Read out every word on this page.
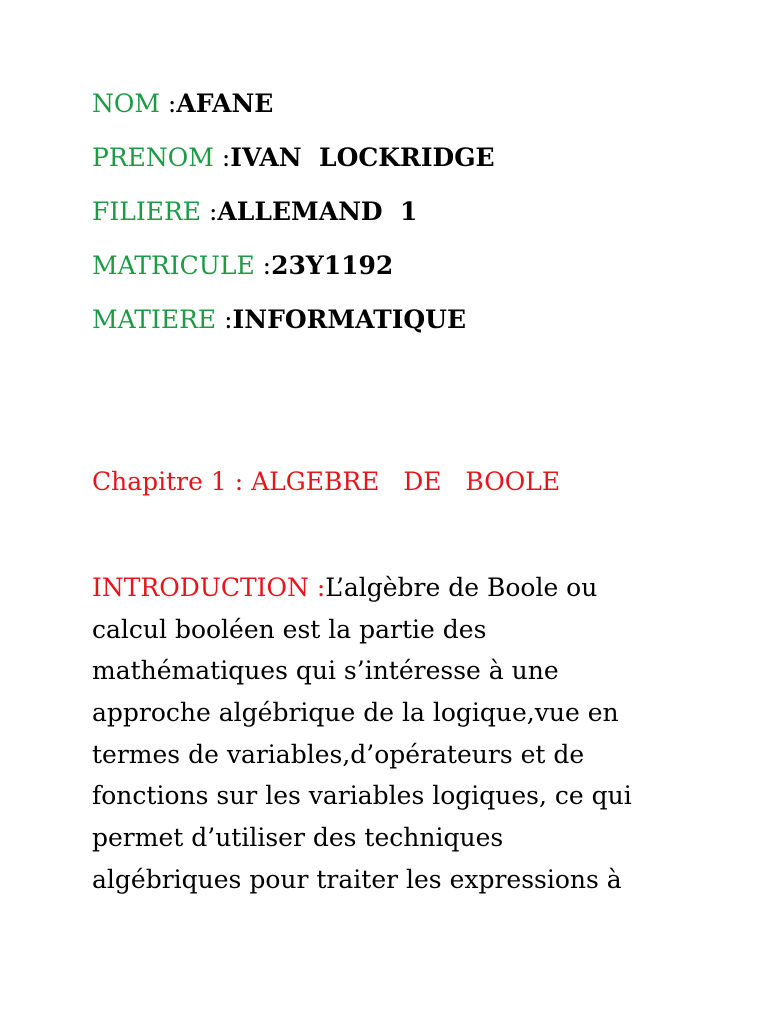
NOM :AFANE
PRENOM :IVAN  LOCKRIDGE
FILIERE :ALLEMAND  1
MATRICULE :23Y1192
MATIERE :INFORMATIQUE
Chapitre 1 : ALGEBRE   DE   BOOLE
INTRODUCTION :L’algèbre de Boole ou
calcul booléen est la partie des
mathématiques qui s’intéresse à une
approche algébrique de la logique,vue en
termes de variables,d’opérateurs et de
fonctions sur les variables logiques, ce qui
permet d’utiliser des techniques
algébriques pour traiter les expressions à
